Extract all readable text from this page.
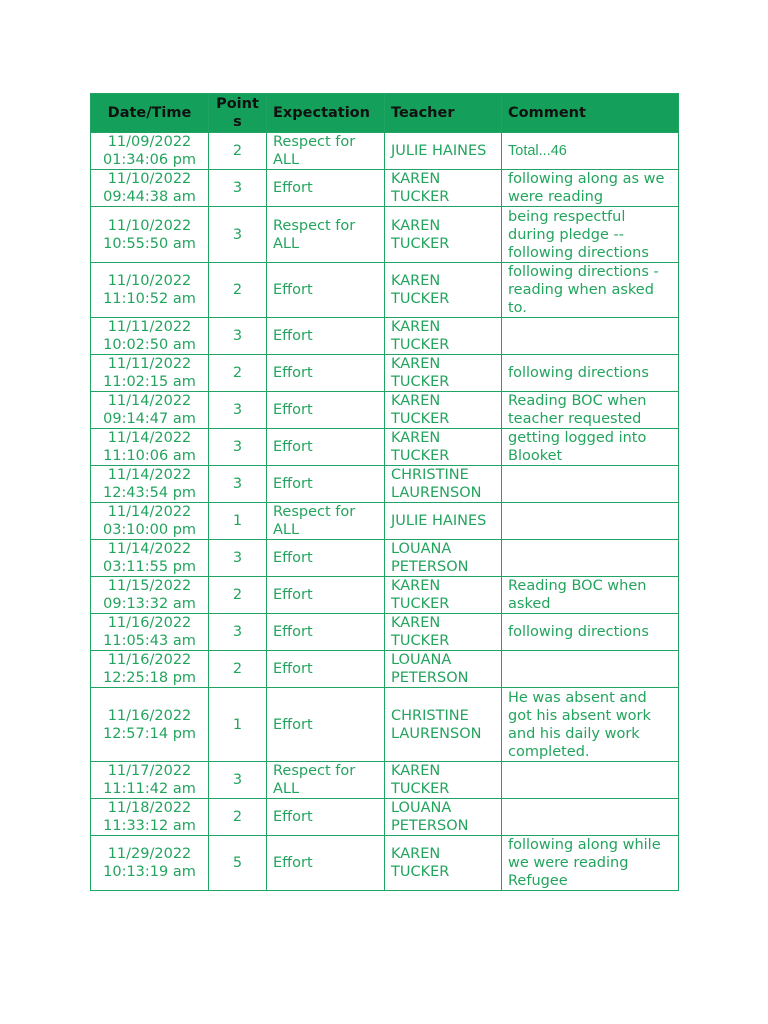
Date/Time	Point s	Expectation	Teacher	Comment

11/09/2022
01:34:06 pm	2	Respect for ALL	JULIE HAINES	Total...46

11/10/2022
09:44:38 am	3	Effort	KAREN TUCKER	following along as we were reading

11/10/2022
10:55:50 am	3	Respect for ALL	KAREN TUCKER	being respectful during pledge -- following directions

11/10/2022
11:10:52 am	2	Effort	KAREN TUCKER	following directions - reading when asked to.

11/11/2022
10:02:50 am	3	Effort	KAREN TUCKER	

11/11/2022
11:02:15 am	2	Effort	KAREN TUCKER	following directions

11/14/2022
09:14:47 am	3	Effort	KAREN TUCKER	Reading BOC when teacher requested

11/14/2022
11:10:06 am	3	Effort	KAREN TUCKER	getting logged into Blooket

11/14/2022
12:43:54 pm	3	Effort	CHRISTINE LAURENSON	

11/14/2022
03:10:00 pm	1	Respect for ALL	JULIE HAINES	

11/14/2022
03:11:55 pm	3	Effort	LOUANA PETERSON	

11/15/2022
09:13:32 am	2	Effort	KAREN TUCKER	Reading BOC when asked

11/16/2022
11:05:43 am	3	Effort	KAREN TUCKER	following directions

11/16/2022
12:25:18 pm	2	Effort	LOUANA PETERSON	

11/16/2022
12:57:14 pm	1	Effort	CHRISTINE LAURENSON	He was absent and got his absent work and his daily work completed.

11/17/2022
11:11:42 am	3	Respect for ALL	KAREN TUCKER	

11/18/2022
11:33:12 am	2	Effort	LOUANA PETERSON	

11/29/2022
10:13:19 am	5	Effort	KAREN TUCKER	following along while we were reading Refugee
